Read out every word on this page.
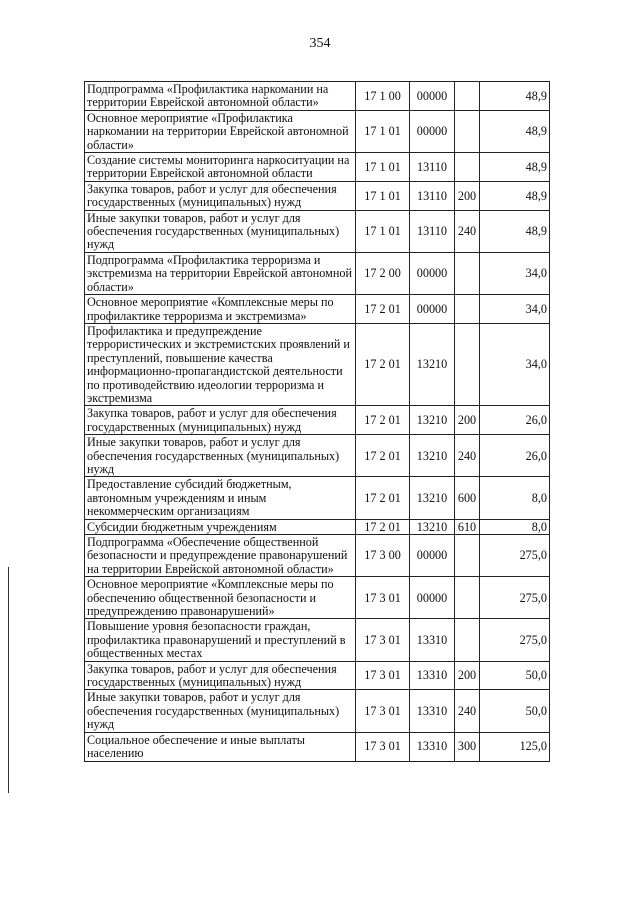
354
Подпрограмма «Профилактика наркомании на территории Еврейской автономной области»	17 1 00	00000		48,9
Основное мероприятие «Профилактика наркомании на территории Еврейской автономной области»	17 1 01	00000		48,9
Создание системы мониторинга наркоситуации на территории Еврейской автономной области	17 1 01	13110		48,9
Закупка товаров, работ и услуг для обеспечения государственных (муниципальных) нужд	17 1 01	13110	200	48,9
Иные закупки товаров, работ и услуг для обеспечения государственных (муниципальных) нужд	17 1 01	13110	240	48,9
Подпрограмма «Профилактика терроризма и экстремизма на территории Еврейской автономной области»	17 2 00	00000		34,0
Основное мероприятие «Комплексные меры по профилактике терроризма и экстремизма»	17 2 01	00000		34,0
Профилактика и предупреждение террористических и экстремистских проявлений и преступлений, повышение качества информационно-пропагандистской деятельности по противодействию идеологии терроризма и экстремизма	17 2 01	13210		34,0
Закупка товаров, работ и услуг для обеспечения государственных (муниципальных) нужд	17 2 01	13210	200	26,0
Иные закупки товаров, работ и услуг для обеспечения государственных (муниципальных) нужд	17 2 01	13210	240	26,0
Предоставление субсидий бюджетным, автономным учреждениям и иным некоммерческим организациям	17 2 01	13210	600	8,0
Субсидии бюджетным учреждениям	17 2 01	13210	610	8,0
Подпрограмма «Обеспечение общественной безопасности и предупреждение правонарушений на территории Еврейской автономной области»	17 3 00	00000		275,0
Основное мероприятие «Комплексные меры по обеспечению общественной безопасности и предупреждению правонарушений»	17 3 01	00000		275,0
Повышение уровня безопасности граждан, профилактика правонарушений и преступлений в общественных местах	17 3 01	13310		275,0
Закупка товаров, работ и услуг для обеспечения государственных (муниципальных) нужд	17 3 01	13310	200	50,0
Иные закупки товаров, работ и услуг для обеспечения государственных (муниципальных) нужд	17 3 01	13310	240	50,0
Социальное обеспечение и иные выплаты населению	17 3 01	13310	300	125,0
